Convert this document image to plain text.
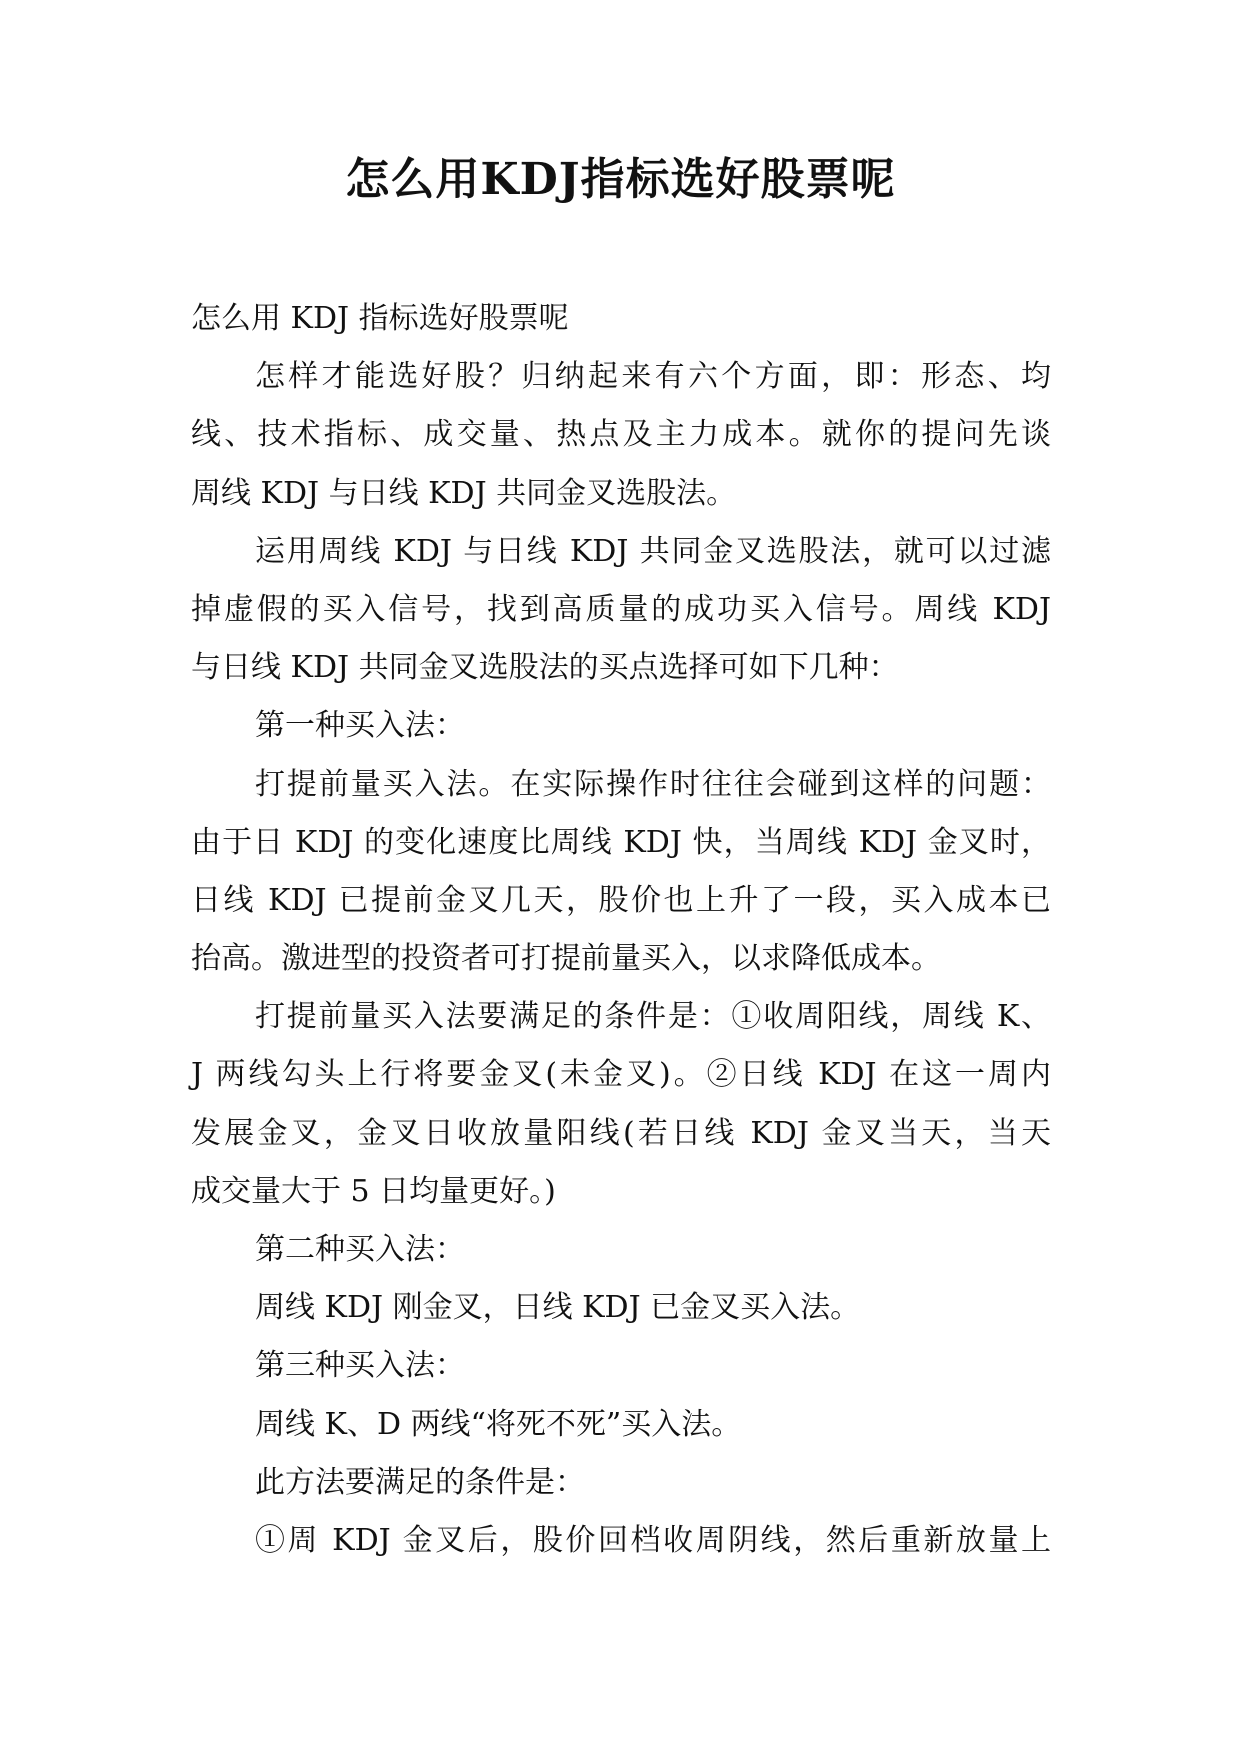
怎么用KDJ指标选好股票呢
怎么用 KDJ 指标选好股票呢
怎样才能选好股？归纳起来有六个方面，即：形态、均
线、技术指标、成交量、热点及主力成本。就你的提问先谈
周线 KDJ 与日线 KDJ 共同金叉选股法。
运用周线 KDJ 与日线 KDJ 共同金叉选股法，就可以过滤
掉虚假的买入信号，找到高质量的成功买入信号。周线 KDJ
与日线 KDJ 共同金叉选股法的买点选择可如下几种：
第一种买入法：
打提前量买入法。在实际操作时往往会碰到这样的问题：
由于日 KDJ 的变化速度比周线 KDJ 快，当周线 KDJ 金叉时，
日线 KDJ 已提前金叉几天，股价也上升了一段，买入成本已
抬高。激进型的投资者可打提前量买入，以求降低成本。
打提前量买入法要满足的条件是：①收周阳线，周线 K、
J 两线勾头上行将要金叉(未金叉)。②日线 KDJ 在这一周内
发展金叉，金叉日收放量阳线(若日线 KDJ 金叉当天，当天
成交量大于 5 日均量更好。)
第二种买入法：
周线 KDJ 刚金叉，日线 KDJ 已金叉买入法。
第三种买入法：
周线 K、D 两线“将死不死”买入法。
此方法要满足的条件是：
①周 KDJ 金叉后，股价回档收周阴线，然后重新放量上
